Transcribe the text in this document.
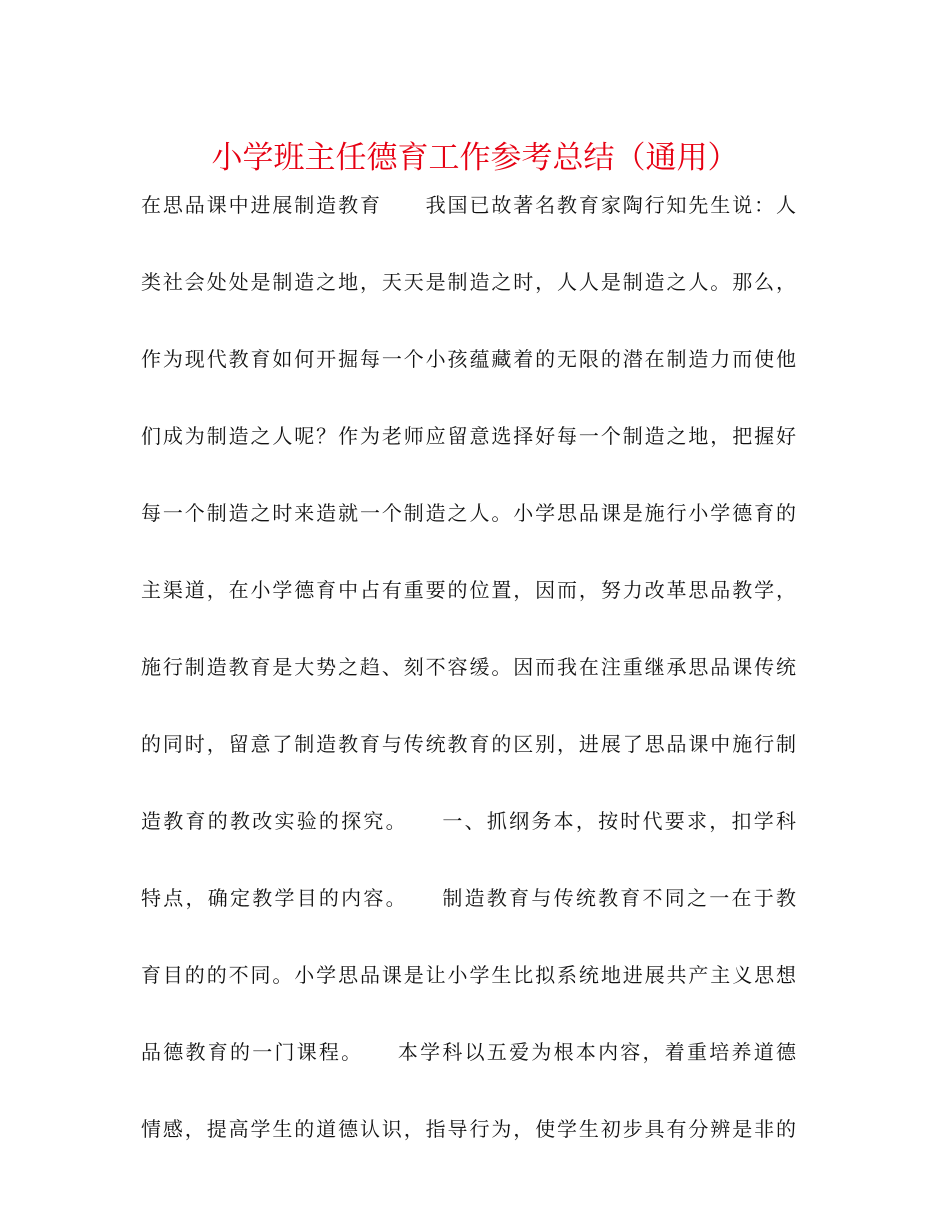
小学班主任德育工作参考总结（通用）
在思品课中进展制造教育　　我国已故著名教育家陶行知先生说：人
类社会处处是制造之地，天天是制造之时，人人是制造之人。那么，
作为现代教育如何开掘每一个小孩蕴藏着的无限的潜在制造力而使他
们成为制造之人呢？作为老师应留意选择好每一个制造之地，把握好
每一个制造之时来造就一个制造之人。小学思品课是施行小学德育的
主渠道，在小学德育中占有重要的位置，因而，努力改革思品教学，
施行制造教育是大势之趋、刻不容缓。因而我在注重继承思品课传统
的同时，留意了制造教育与传统教育的区别，进展了思品课中施行制
造教育的教改实验的探究。　　一、抓纲务本，按时代要求，扣学科
特点，确定教学目的内容。　　制造教育与传统教育不同之一在于教
育目的的不同。小学思品课是让小学生比拟系统地进展共产主义思想
品德教育的一门课程。　　本学科以五爱为根本内容，着重培养道德
情感，提高学生的道德认识，指导行为，使学生初步具有分辨是非的
